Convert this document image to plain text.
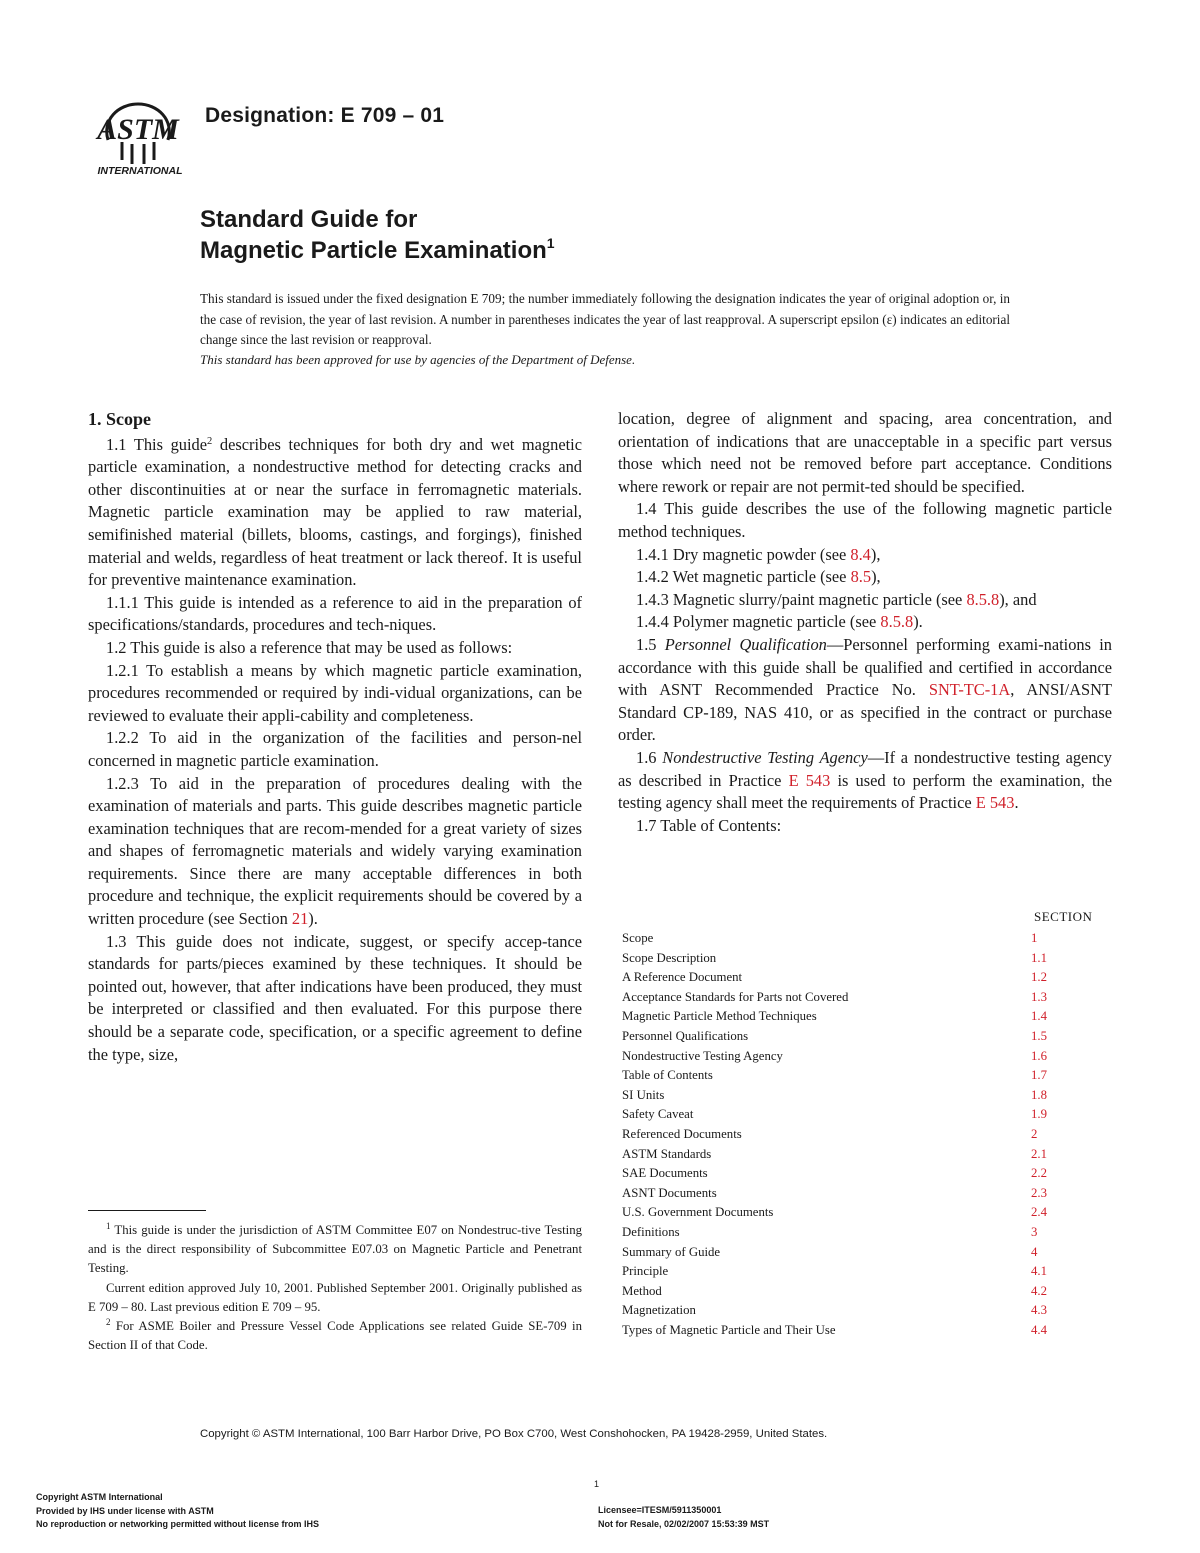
ASTM
INTERNATIONAL
Designation: E 709 – 01
Standard Guide for
Magnetic Particle Examination$^1$
This standard is issued under the fixed designation E 709; the number immediately following the designation indicates the year of original adoption or, in the case of revision, the year of last revision. A number in parentheses indicates the year of last reapproval. A superscript epsilon (ε) indicates an editorial change since the last revision or reapproval.
This standard has been approved for use by agencies of the Department of Defense.
1. Scope

1.1 This guide$^2$ describes techniques for both dry and wet magnetic particle examination, a nondestructive method for detecting cracks and other discontinuities at or near the surface in ferromagnetic materials. Magnetic particle examination may be applied to raw material, semifinished material (billets, blooms, castings, and forgings), finished material and welds, regardless of heat treatment or lack thereof. It is useful for preventive maintenance examination.

1.1.1 This guide is intended as a reference to aid in the preparation of specifications/standards, procedures and tech-niques.

1.2 This guide is also a reference that may be used as follows:

1.2.1 To establish a means by which magnetic particle examination, procedures recommended or required by indi-vidual organizations, can be reviewed to evaluate their appli-cability and completeness.

1.2.2 To aid in the organization of the facilities and person-nel concerned in magnetic particle examination.

1.2.3 To aid in the preparation of procedures dealing with the examination of materials and parts. This guide describes magnetic particle examination techniques that are recom-mended for a great variety of sizes and shapes of ferromagnetic materials and widely varying examination requirements. Since there are many acceptable differences in both procedure and technique, the explicit requirements should be covered by a written procedure (see Section 21).

1.3 This guide does not indicate, suggest, or specify accep-tance standards for parts/pieces examined by these techniques. It should be pointed out, however, that after indications have been produced, they must be interpreted or classified and then evaluated. For this purpose there should be a separate code, specification, or a specific agreement to define the type, size,

location, degree of alignment and spacing, area concentration, and orientation of indications that are unacceptable in a specific part versus those which need not be removed before part acceptance. Conditions where rework or repair are not permit-ted should be specified.

1.4 This guide describes the use of the following magnetic particle method techniques.

1.4.1 Dry magnetic powder (see 8.4),

1.4.2 Wet magnetic particle (see 8.5),

1.4.3 Magnetic slurry/paint magnetic particle (see 8.5.8), and

1.4.4 Polymer magnetic particle (see 8.5.8).

1.5 Personnel Qualification—Personnel performing exami-nations in accordance with this guide shall be qualified and certified in accordance with ASNT Recommended Practice No. SNT-TC-1A, ANSI/ASNT Standard CP-189, NAS 410, or as specified in the contract or purchase order.

1.6 Nondestructive Testing Agency—If a nondestructive testing agency as described in Practice E 543 is used to perform the examination, the testing agency shall meet the requirements of Practice E 543.

1.7 Table of Contents:

SECTION
Scope	1
Scope Description	1.1
A Reference Document	1.2
Acceptance Standards for Parts not Covered	1.3
Magnetic Particle Method Techniques	1.4
Personnel Qualifications	1.5
Nondestructive Testing Agency	1.6
Table of Contents	1.7
SI Units	1.8
Safety Caveat	1.9
Referenced Documents	2
ASTM Standards	2.1
SAE Documents	2.2
ASNT Documents	2.3
U.S. Government Documents	2.4
Definitions	3
Summary of Guide	4
Principle	4.1
Method	4.2
Magnetization	4.3
Types of Magnetic Particle and Their Use	4.4

$^1$ This guide is under the jurisdiction of ASTM Committee E07 on Nondestruc-tive Testing and is the direct responsibility of Subcommittee E07.03 on Magnetic Particle and Penetrant Testing.

Current edition approved July 10, 2001. Published September 2001. Originally published as E 709 – 80. Last previous edition E 709 – 95.

$^2$ For ASME Boiler and Pressure Vessel Code Applications see related Guide SE-709 in Section II of that Code.

Copyright © ASTM International, 100 Barr Harbor Drive, PO Box C700, West Conshohocken, PA 19428-2959, United States.
1
Copyright ASTM International
Provided by IHS under license with ASTM
No reproduction or networking permitted without license from IHS
Licensee=ITESM/5911350001
Not for Resale, 02/02/2007 15:53:39 MST
